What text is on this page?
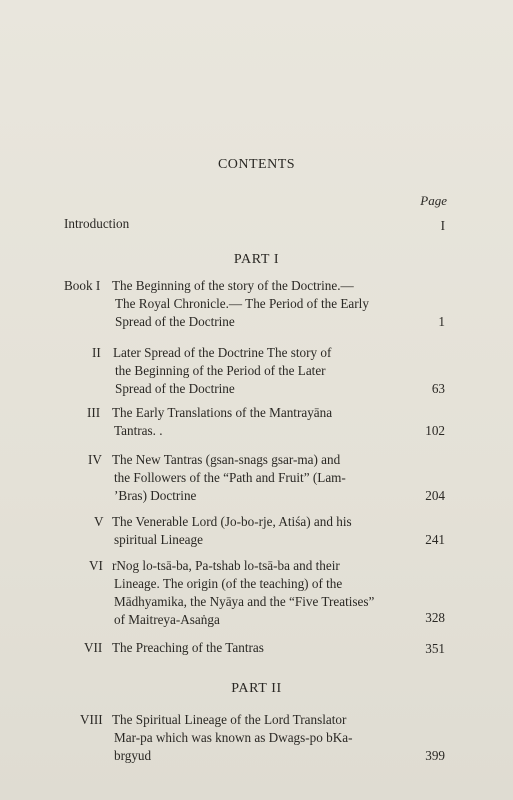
CONTENTS
Page
Introduction	I
PART I
Book I The Beginning of the story of the Doctrine.—
The Royal Chronicle.— The Period of the Early
Spread of the Doctrine	1
II Later Spread of the Doctrine The story of
the Beginning of the Period of the Later
Spread of the Doctrine	63
III The Early Translations of the Mantrayāna
Tantras. .	102
IV The New Tantras (gsan-snags gsar-ma) and
the Followers of the “Path and Fruit” (Lam-
’Bras) Doctrine	204
V The Venerable Lord (Jo-bo-rje, Atiśa) and his
spiritual Lineage	241
VI rNog lo-tsā-ba, Pa-tshab lo-tsā-ba and their
Lineage. The origin (of the teaching) of the
Mādhyamika, the Nyāya and the “Five Treatises”
of Maitreya-Asaṅga	328
VII The Preaching of the Tantras	351
PART II
VIII The Spiritual Lineage of the Lord Translator
Mar-pa which was known as Dwags-po bKa-
brgyud	399
